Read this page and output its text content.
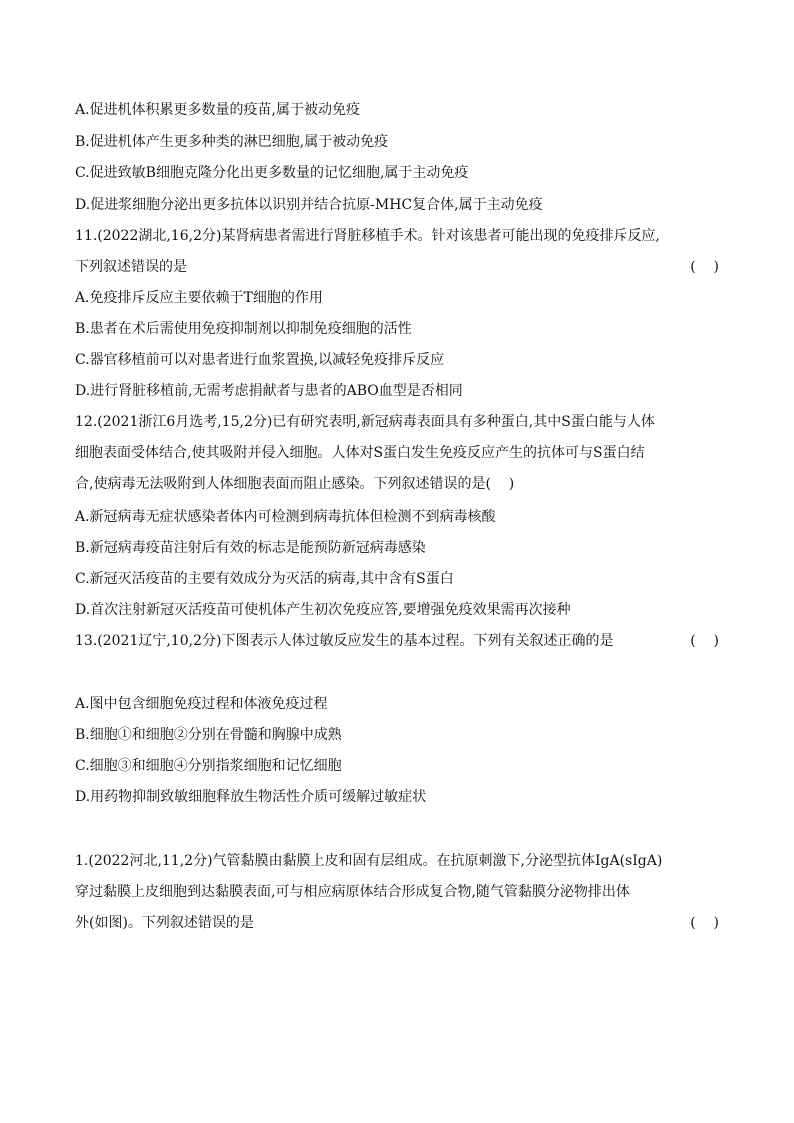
A.促进机体积累更多数量的疫苗,属于被动免疫
B.促进机体产生更多种类的淋巴细胞,属于被动免疫
C.促进致敏B细胞克隆分化出更多数量的记忆细胞,属于主动免疫
D.促进浆细胞分泌出更多抗体以识别并结合抗原-MHC复合体,属于主动免疫
11.(2022湖北,16,2分)某肾病患者需进行肾脏移植手术。针对该患者可能出现的免疫排斥反应,
下列叙述错误的是	(    )
A.免疫排斥反应主要依赖于T细胞的作用
B.患者在术后需使用免疫抑制剂以抑制免疫细胞的活性
C.器官移植前可以对患者进行血浆置换,以减轻免疫排斥反应
D.进行肾脏移植前,无需考虑捐献者与患者的ABO血型是否相同
12.(2021浙江6月选考,15,2分)已有研究表明,新冠病毒表面具有多种蛋白,其中S蛋白能与人体
细胞表面受体结合,使其吸附并侵入细胞。人体对S蛋白发生免疫反应产生的抗体可与S蛋白结
合,使病毒无法吸附到人体细胞表面而阻止感染。下列叙述错误的是(    )
A.新冠病毒无症状感染者体内可检测到病毒抗体但检测不到病毒核酸
B.新冠病毒疫苗注射后有效的标志是能预防新冠病毒感染
C.新冠灭活疫苗的主要有效成分为灭活的病毒,其中含有S蛋白
D.首次注射新冠灭活疫苗可使机体产生初次免疫应答,要增强免疫效果需再次接种
13.(2021辽宁,10,2分)下图表示人体过敏反应发生的基本过程。下列有关叙述正确的是	(    )
A.图中包含细胞免疫过程和体液免疫过程
B.细胞①和细胞②分别在骨髓和胸腺中成熟
C.细胞③和细胞④分别指浆细胞和记忆细胞
D.用药物抑制致敏细胞释放生物活性介质可缓解过敏症状
1.(2022河北,11,2分)气管黏膜由黏膜上皮和固有层组成。在抗原刺激下,分泌型抗体IgA(sIgA)
穿过黏膜上皮细胞到达黏膜表面,可与相应病原体结合形成复合物,随气管黏膜分泌物排出体
外(如图)。下列叙述错误的是	(    )
